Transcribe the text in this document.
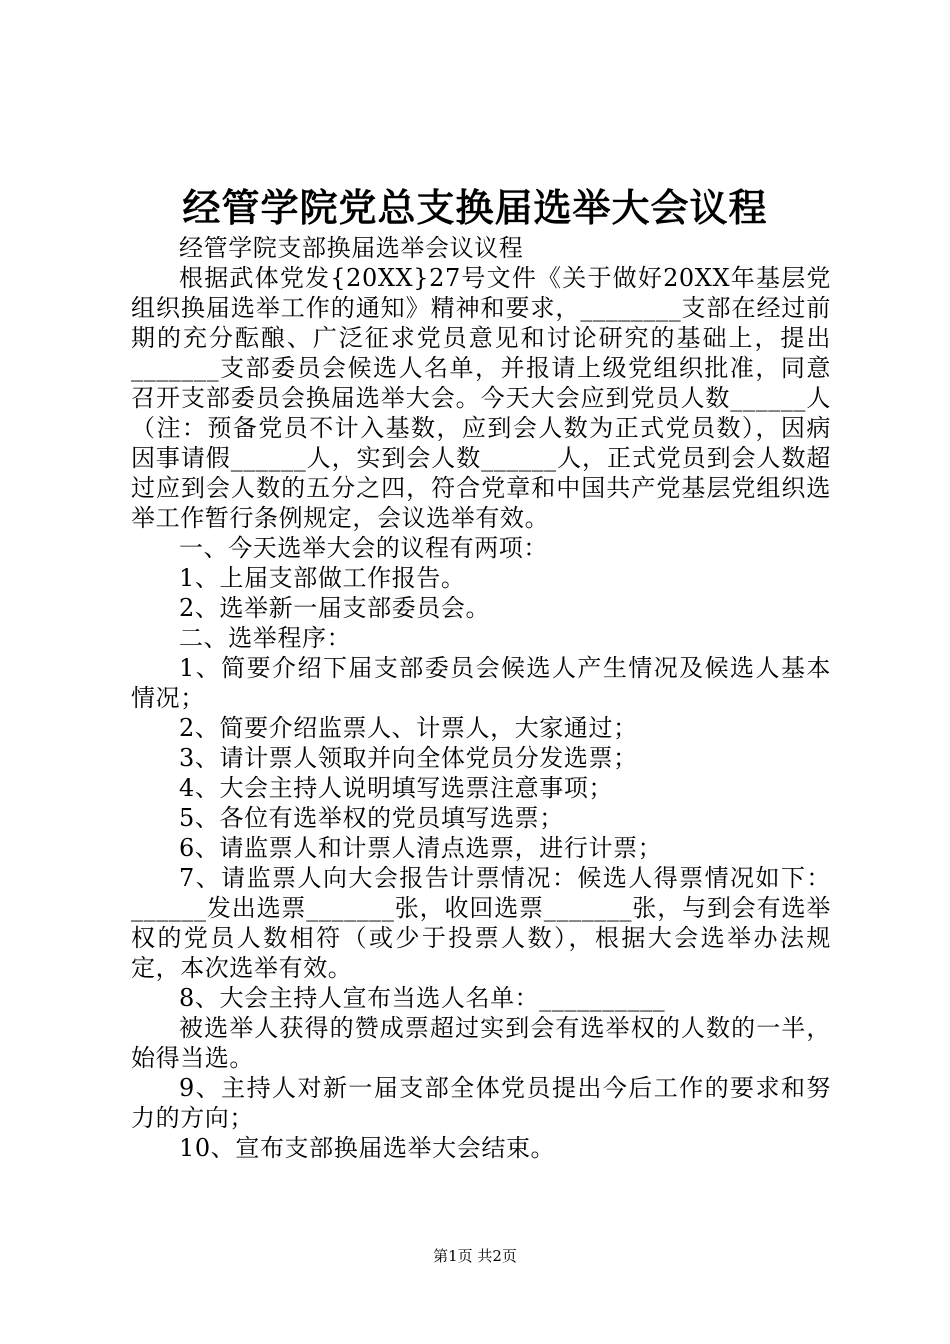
经管学院党总支换届选举大会议程

经管学院支部换届选举会议议程

根据武体党发{20XX}27号文件《关于做好20XX年基层党组织换届选举工作的通知》精神和要求，________支部在经过前期的充分酝酿、广泛征求党员意见和讨论研究的基础上，提出_______支部委员会候选人名单，并报请上级党组织批准，同意召开支部委员会换届选举大会。今天大会应到党员人数______人（注：预备党员不计入基数，应到会人数为正式党员数），因病因事请假______人，实到会人数______人，正式党员到会人数超过应到会人数的五分之四，符合党章和中国共产党基层党组织选举工作暂行条例规定，会议选举有效。

一、今天选举大会的议程有两项：

1、上届支部做工作报告。

2、选举新一届支部委员会。

二、选举程序：

1、简要介绍下届支部委员会候选人产生情况及候选人基本情况；

2、简要介绍监票人、计票人，大家通过；

3、请计票人领取并向全体党员分发选票；

4、大会主持人说明填写选票注意事项；

5、各位有选举权的党员填写选票；

6、请监票人和计票人清点选票，进行计票；

7、请监票人向大会报告计票情况：候选人得票情况如下：______发出选票_______张，收回选票_______张，与到会有选举权的党员人数相符（或少于投票人数），根据大会选举办法规定，本次选举有效。

8、大会主持人宣布当选人名单：__________

被选举人获得的赞成票超过实到会有选举权的人数的一半，始得当选。

9、主持人对新一届支部全体党员提出今后工作的要求和努力的方向；

10、宣布支部换届选举大会结束。

第1页 共2页
